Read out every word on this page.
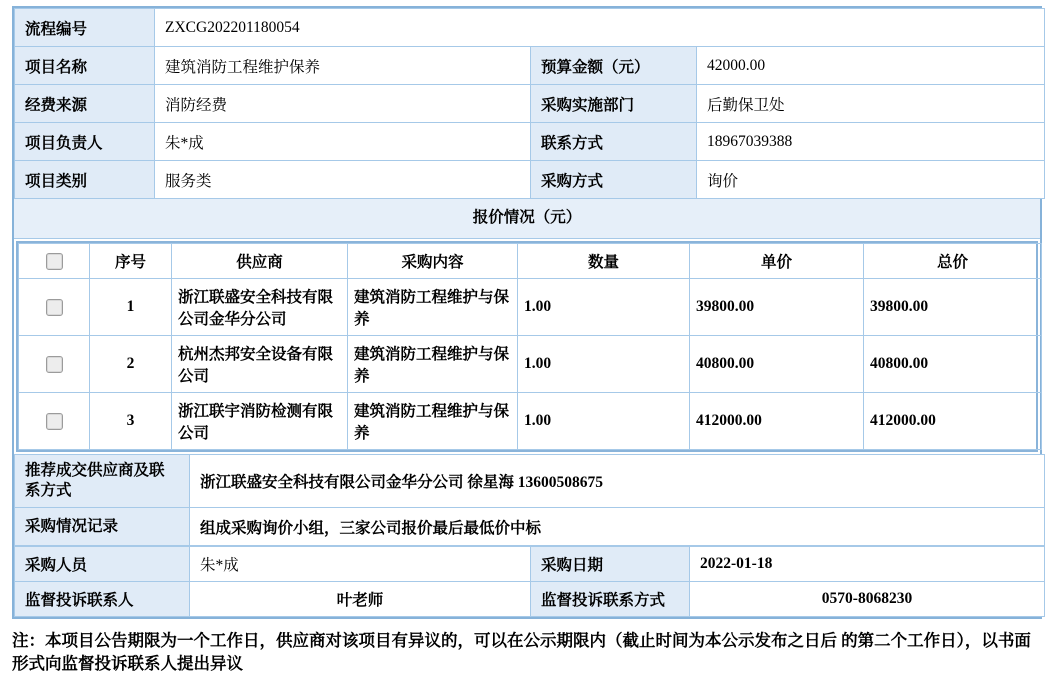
流程编号	ZXCG202201180054		
项目名称	建筑消防工程维护保养	预算金额（元）	42000.00
经费来源	消防经费	采购实施部门	后勤保卫处
项目负责人	朱*成	联系方式	18967039388
项目类别	服务类	采购方式	询价
报价情况（元）
	序号	供应商	采购内容	数量	单价	总价
	1	浙江联盛安全科技有限公司金华分公司	建筑消防工程维护与保养	1.00	39800.00	39800.00
	2	杭州杰邦安全设备有限公司	建筑消防工程维护与保养	1.00	40800.00	40800.00
	3	浙江联宇消防检测有限公司	建筑消防工程维护与保养	1.00	412000.00	412000.00
推荐成交供应商及联系方式	浙江联盛安全科技有限公司金华分公司 徐星海 13600508675
采购情况记录	组成采购询价小组，三家公司报价最后最低价中标
采购人员	朱*成	采购日期	2022-01-18
监督投诉联系人	叶老师	监督投诉联系方式	0570-8068230
注：本项目公告期限为一个工作日，供应商对该项目有异议的，可以在公示期限内（截止时间为本公示发布之日后 的第二个工作日），以书面形式向监督投诉联系人提出异议
